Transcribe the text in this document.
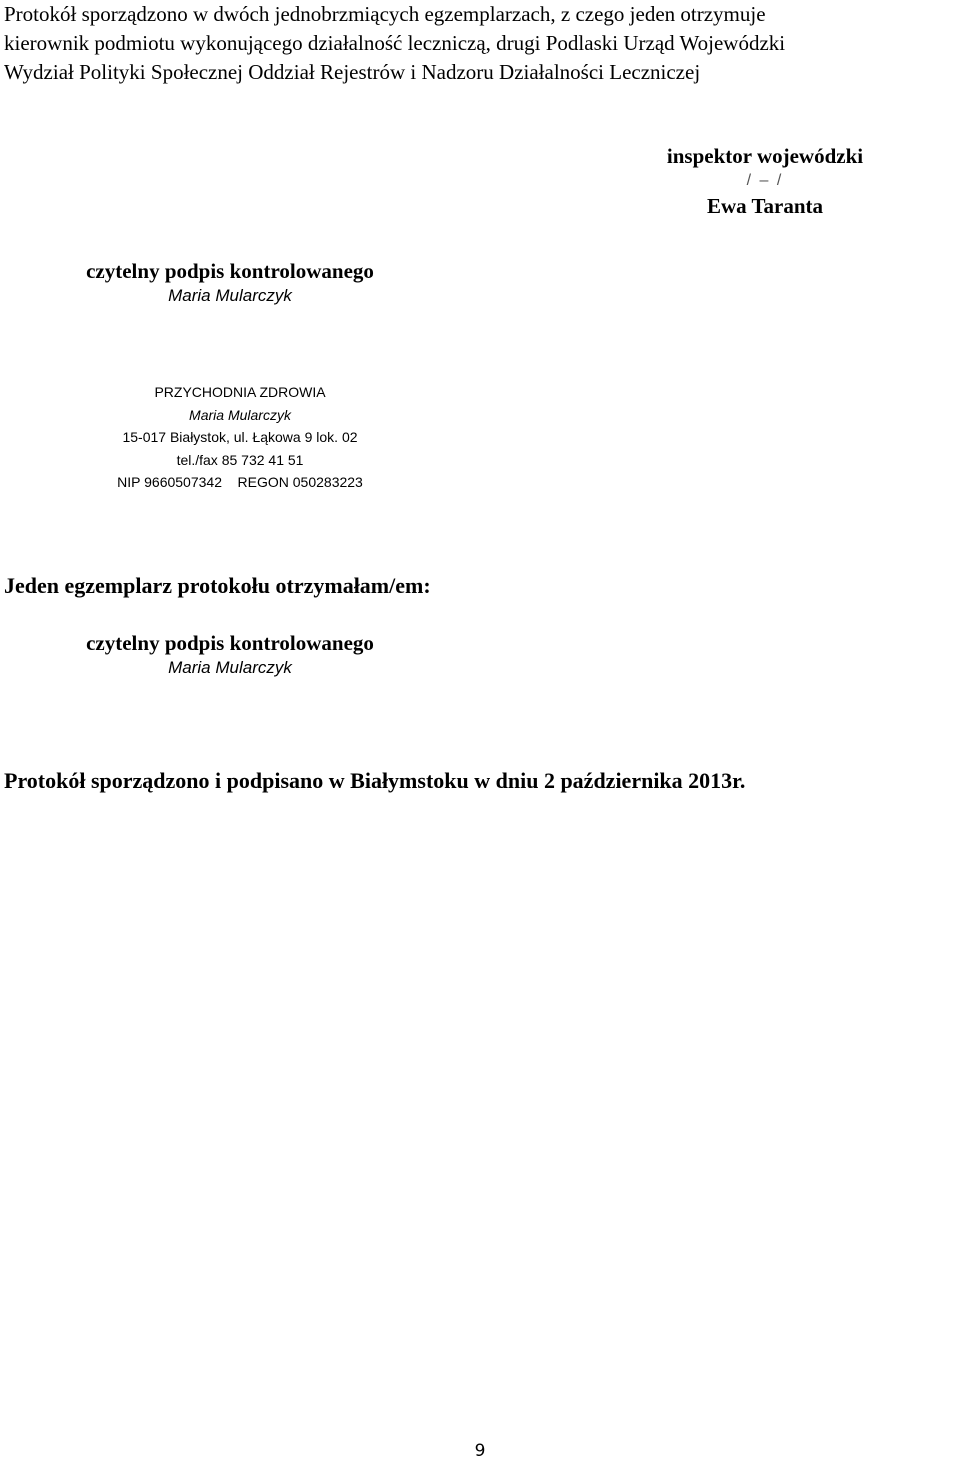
Protokół sporządzono w dwóch jednobrzmiących egzemplarzach, z czego jeden otrzymuje
kierownik podmiotu wykonującego działalność leczniczą, drugi Podlaski Urząd Wojewódzki
Wydział Polityki Społecznej Oddział Rejestrów i Nadzoru Działalności Leczniczej
inspektor wojewódzki
/ – /
Ewa Taranta
czytelny podpis kontrolowanego
Maria Mularczyk
PRZYCHODNIA ZDROWIA
Maria Mularczyk
15-017 Białystok, ul. Łąkowa 9 lok. 02
tel./fax 85 732 41 51
NIP 9660507342    REGON 050283223
Jeden egzemplarz protokołu otrzymałam/em:
czytelny podpis kontrolowanego
Maria Mularczyk
Protokół sporządzono i podpisano w Białymstoku w dniu 2 października 2013r.
9
